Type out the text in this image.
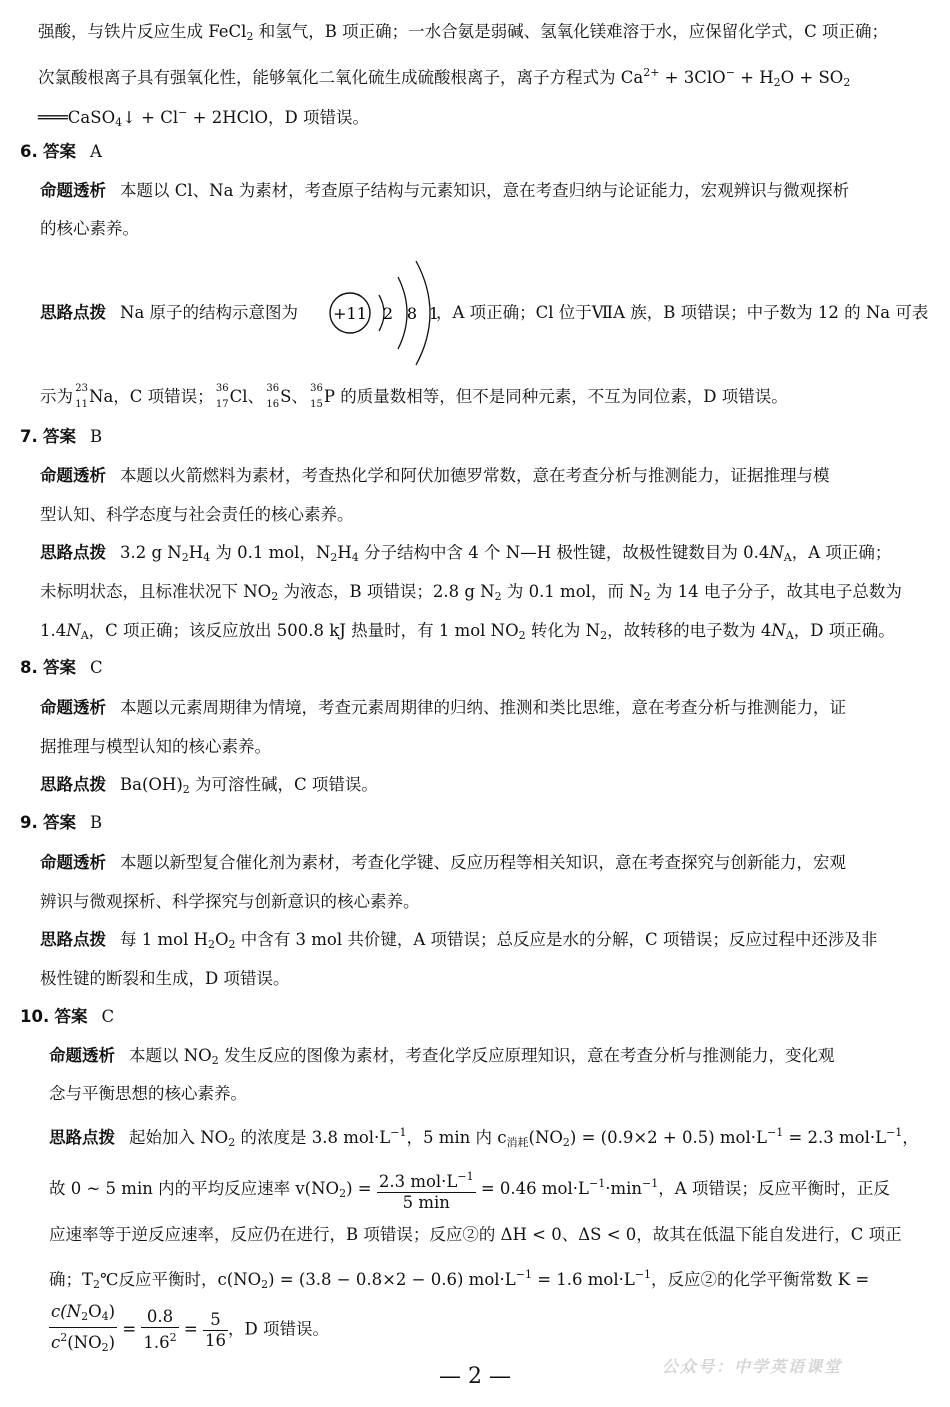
强酸，与铁片反应生成 FeCl$_2$ 和氢气，B 项正确；一水合氨是弱碱、氢氧化镁难溶于水，应保留化学式，C 项正确；
次氯酸根离子具有强氧化性，能够氧化二氧化硫生成硫酸根离子，离子方程式为 $Ca^{2+} + 3ClO^- + H_2O + SO_2$
═══CaSO$_4$↓ + Cl− + 2HClO，D 项错误。
6. 答案 A
命题透析 本题以 Cl、Na 为素材，考查原子结构与元素知识，意在考查归纳与论证能力，宏观辨识与微观探析
的核心素养。
思路点拨 Na 原子的结构示意图为 +11 2 8 1
，A 项正确；Cl 位于ⅦA 族，B 项错误；中子数为 12 的 Na 可表
示为 23
11 Na，C 项错误； 36
17 Cl、 36
16 S、 36
15 P 的质量数相等，但不是同种元素，不互为同位素，D 项错误。
7. 答案 B
命题透析 本题以火箭燃料为素材，考查热化学和阿伏加德罗常数，意在考查分析与推测能力，证据推理与模
型认知、科学态度与社会责任的核心素养。
思路点拨 3.2 g $N_2H_4$ 为 0.1 mol，$N_2H_4$ 分子结构中含 4 个 N—H 极性键，故极性键数目为 $0.4N_A$，A 项正确；
未标明状态，且标准状况下 $NO_2$ 为液态，B 项错误；2.8 g $N_2$ 为 0.1 mol，而 $N_2$ 为 14 电子分子，故其电子总数为
$1.4N_A$，C 项正确；该反应放出 500.8 kJ 热量时，有 1 mol $NO_2$ 转化为 $N_2$，故转移的电子数为 $4N_A$，D 项正确。
8. 答案 C
命题透析 本题以元素周期律为情境，考查元素周期律的归纳、推测和类比思维，意在考查分析与推测能力，证
据推理与模型认知的核心素养。
思路点拨 $Ba(OH)_2$ 为可溶性碱，C 项错误。
9. 答案 B
命题透析 本题以新型复合催化剂为素材，考查化学键、反应历程等相关知识，意在考查探究与创新能力，宏观
辨识与微观探析、科学探究与创新意识的核心素养。
思路点拨 每 1 mol $H_2O_2$ 中含有 3 mol 共价键，A 项错误；总反应是水的分解，C 项错误；反应过程中还涉及非
极性键的断裂和生成，D 项错误。
10. 答案 C
命题透析 本题以 $NO_2$ 发生反应的图像为素材，考查化学反应原理知识，意在考查分析与推测能力，变化观
念与平衡思想的核心素养。
思路点拨 起始加入 $NO_2$ 的浓度是 3.8 $mol\cdot L^{-1}$，5 min 内 $c_{消耗}(NO_2) = (0.9\times 2 + 0.5) mol\cdot L^{-1} = 2.3$ $mol\cdot L^{-1}$，
故 0 ~ 5 min 内的平均反应速率 $v(NO_2) = \frac{2.3 mol\cdot L^{-1}}{5 \min} = 0.46$ $mol\cdot L^{-1}\cdot\min^{-1}$，A 项错误；反应平衡时，正反
应速率等于逆反应速率，反应仍在进行，B 项错误；反应②的 ΔH < 0、ΔS < 0，故其在低温下能自发进行，C 项正
确；$T_2℃$反应平衡时，$c(NO_2) = (3.8 - 0.8\times 2 - 0.6) mol\cdot L^{-1} = 1.6$ $mol\cdot L^{-1}$，反应②的化学平衡常数 K =
$\frac{c(N_2O_4)}{c^2(NO_2)} = \frac{0.8}{1.6^2} = \frac{5}{16}$ ，D 项错误。
公众号：中学英语课堂
— 2 —
